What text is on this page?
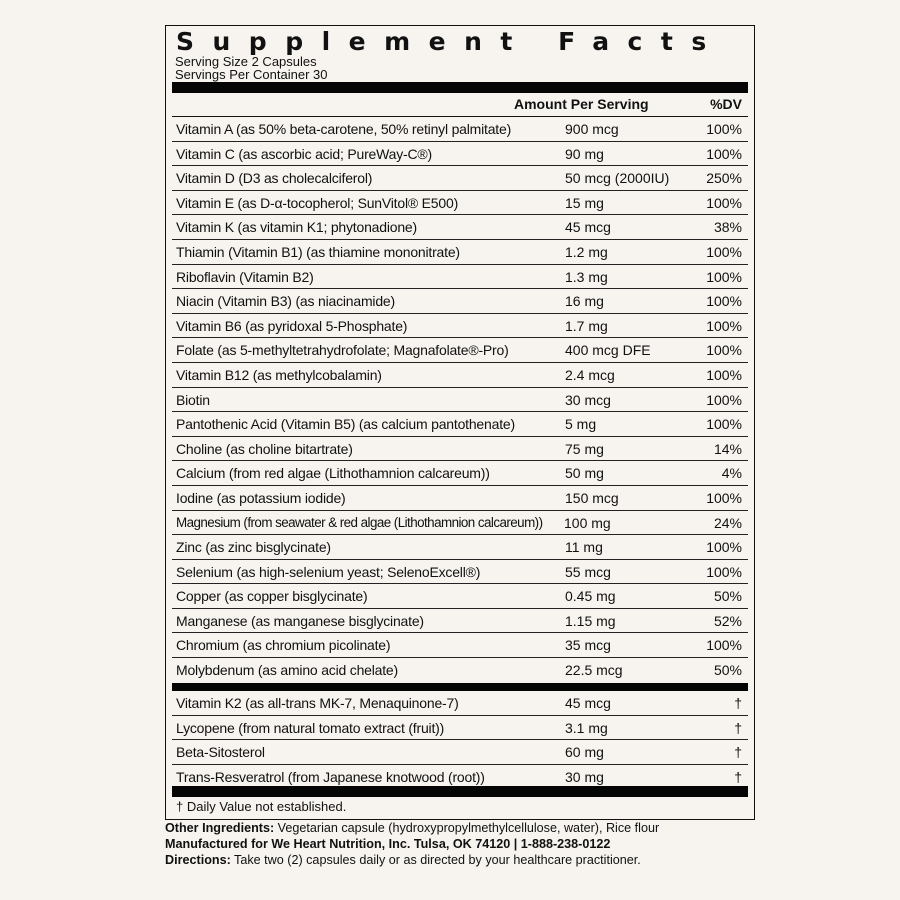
Supplement Facts
Serving Size 2 Capsules
Servings Per Container 30
Amount Per Serving	%DV
Vitamin A (as 50% beta-carotene, 50% retinyl palmitate)	900 mcg	100%
Vitamin C (as ascorbic acid; PureWay-C®)	90 mg	100%
Vitamin D (D3 as cholecalciferol)	50 mcg (2000IU)	250%
Vitamin E (as D-α-tocopherol; SunVitol® E500)	15 mg	100%
Vitamin K (as vitamin K1; phytonadione)	45 mcg	38%
Thiamin (Vitamin B1) (as thiamine mononitrate)	1.2 mg	100%
Riboflavin (Vitamin B2)	1.3 mg	100%
Niacin (Vitamin B3) (as niacinamide)	16 mg	100%
Vitamin B6 (as pyridoxal 5-Phosphate)	1.7 mg	100%
Folate (as 5-methyltetrahydrofolate; Magnafolate®-Pro)	400 mcg DFE	100%
Vitamin B12 (as methylcobalamin)	2.4 mcg	100%
Biotin	30 mcg	100%
Pantothenic Acid (Vitamin B5) (as calcium pantothenate)	5 mg	100%
Choline (as choline bitartrate)	75 mg	14%
Calcium (from red algae (Lithothamnion calcareum))	50 mg	4%
Iodine (as potassium iodide)	150 mcg	100%
Magnesium (from seawater & red algae (Lithothamnion calcareum)) 100 mg	24%
Zinc (as zinc bisglycinate)	11 mg	100%
Selenium (as high-selenium yeast; SelenoExcell®)	55 mcg	100%
Copper (as copper bisglycinate)	0.45 mg	50%
Manganese (as manganese bisglycinate)	1.15 mg	52%
Chromium (as chromium picolinate)	35 mcg	100%
Molybdenum (as amino acid chelate)	22.5 mcg	50%
Vitamin K2 (as all-trans MK-7, Menaquinone-7)	45 mcg	†
Lycopene (from natural tomato extract (fruit))	3.1 mg	†
Beta-Sitosterol	60 mg	†
Trans-Resveratrol (from Japanese knotwood (root))	30 mg	†
† Daily Value not established.
Other Ingredients: Vegetarian capsule (hydroxypropylmethylcellulose, water), Rice flour
Manufactured for We Heart Nutrition, Inc. Tulsa, OK 74120 | 1-888-238-0122
Directions: Take two (2) capsules daily or as directed by your healthcare practitioner.
